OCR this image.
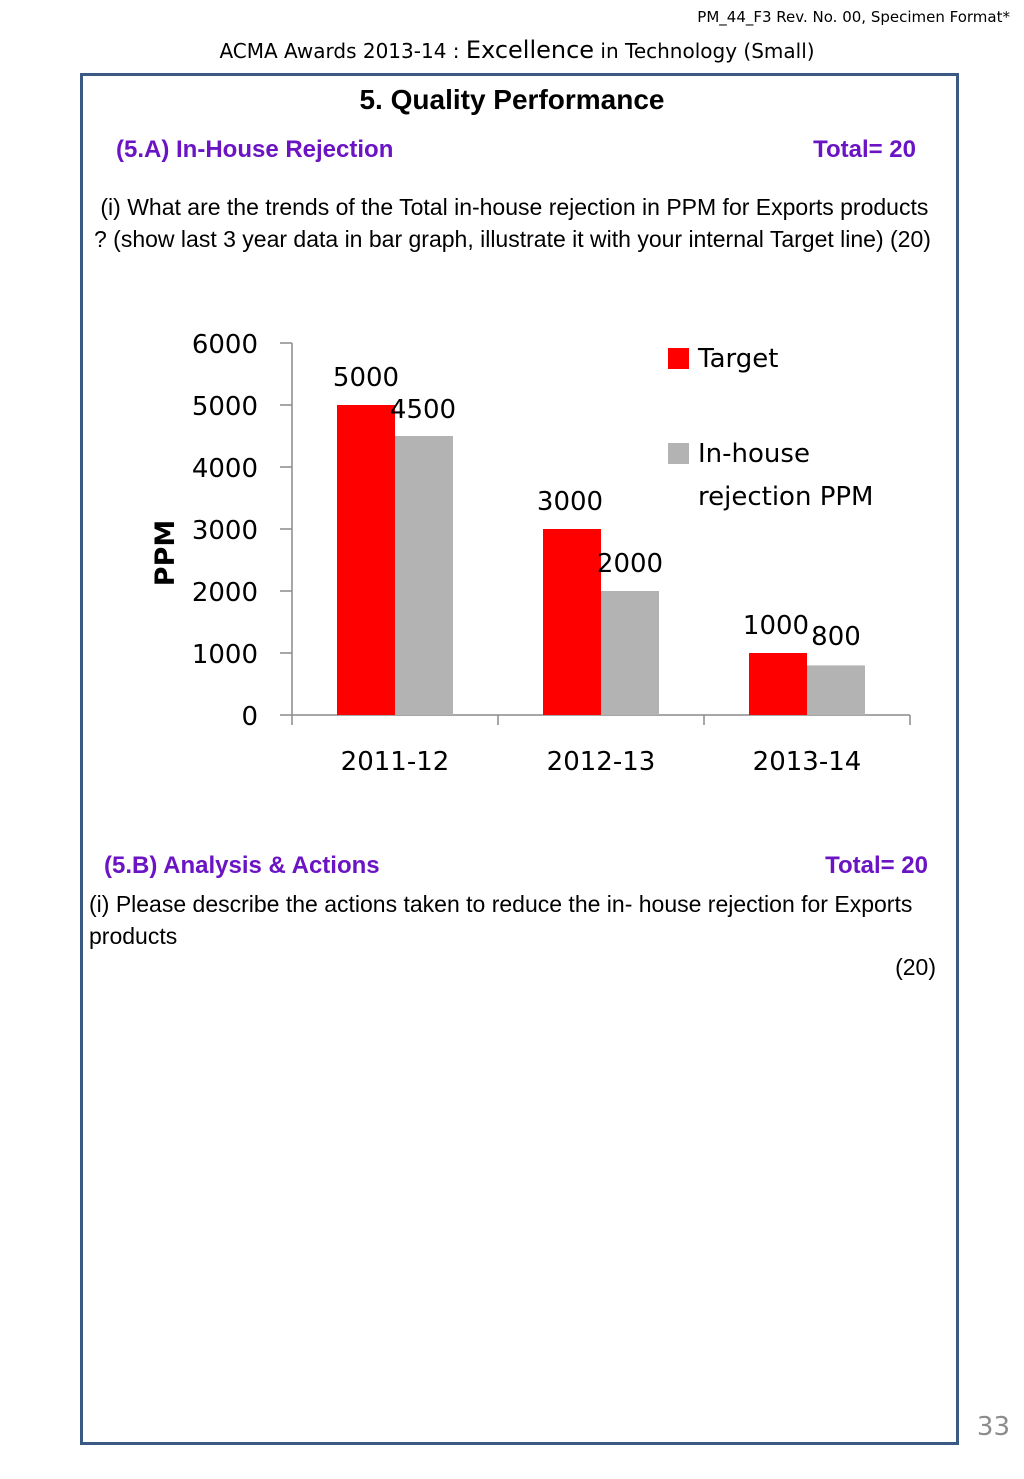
PM_44_F3 Rev. No. 00, Specimen Format*
ACMA Awards 2013-14 : Excellence in Technology (Small)
5. Quality Performance
(5.A) In-House Rejection	Total= 20
(i) What are the trends of the Total in-house rejection in PPM for Exports products ? (show last 3 year data in bar graph, illustrate it with your internal Target line) (20)
0
1000
2000
3000
4000
5000
6000
PPM
2011-12	2012-13	2013-14
5000
3000
1000
4500
2000
800
Target
In-house
rejection PPM
(5.B) Analysis & Actions	Total= 20
(i) Please describe the actions taken to reduce the in- house rejection for Exports products
(20)
33
